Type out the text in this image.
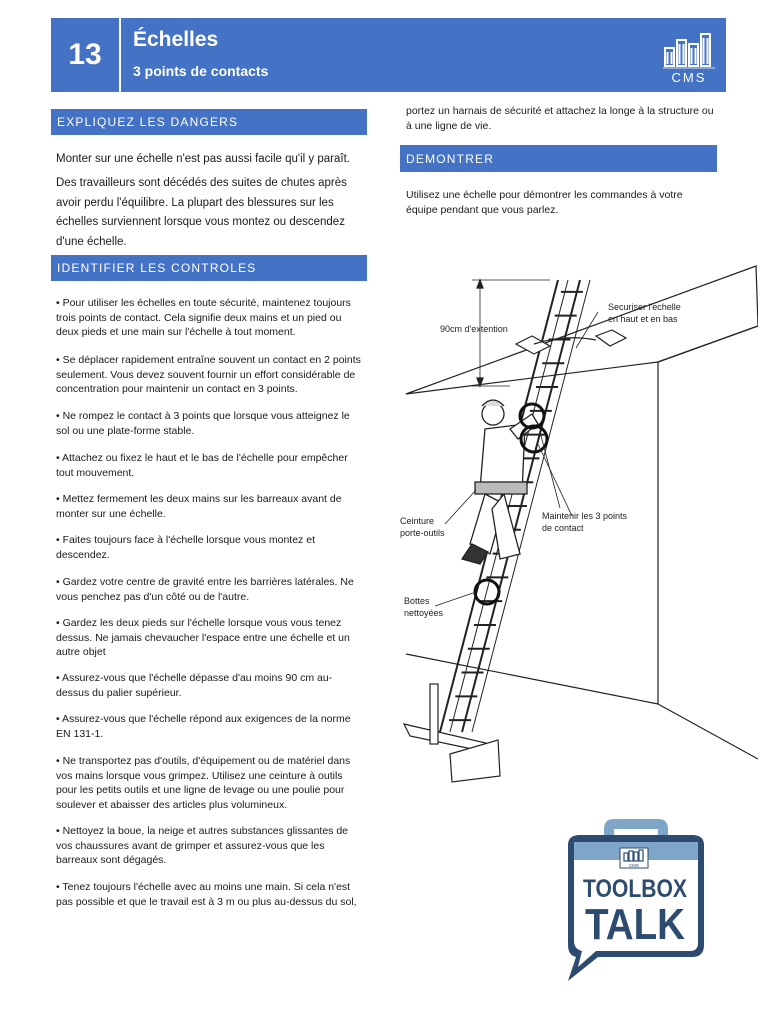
13	Échelles
3 points de contacts	CMS
EXPLIQUEZ LES DANGERS
Monter sur une échelle n'est pas aussi facile qu'il y paraît.
Des travailleurs sont décédés des suites de chutes après avoir perdu l'équilibre. La plupart des blessures sur les échelles surviennent lorsque vous montez ou descendez d'une échelle.
IDENTIFIER LES CONTROLES
• Pour utiliser les échelles en toute sécurité, maintenez toujours trois points de contact. Cela signifie deux mains et un pied ou deux pieds et une main sur l'échelle à tout moment.
• Se déplacer rapidement entraîne souvent un contact en 2 points seulement. Vous devez souvent fournir un effort considérable de concentration pour maintenir un contact en 3 points.
• Ne rompez le contact à 3 points que lorsque vous atteignez le sol ou une plate-forme stable.
• Attachez ou fixez le haut et le bas de l'échelle pour empêcher tout mouvement.
• Mettez fermement les deux mains sur les barreaux avant de monter sur une échelle.
• Faites toujours face à l'échelle lorsque vous montez et descendez.
• Gardez votre centre de gravité entre les barrières latérales. Ne vous penchez pas d'un côté ou de l'autre.
• Gardez les deux pieds sur l'échelle lorsque vous vous tenez dessus. Ne jamais chevaucher l'espace entre une échelle et un autre objet
• Assurez-vous que l'échelle dépasse d'au moins 90 cm au-dessus du palier supérieur.
• Assurez-vous que l'échelle répond aux exigences de la norme EN 131-1.
• Ne transportez pas d'outils, d'équipement ou de matériel dans vos mains lorsque vous grimpez. Utilisez une ceinture à outils pour les petits outils et une ligne de levage ou une poulie pour soulever et abaisser des articles plus volumineux.
• Nettoyez la boue, la neige et autres substances glissantes de vos chaussures avant de grimper et assurez-vous que les barreaux sont dégagés.
• Tenez toujours l'échelle avec au moins une main. Si cela n'est pas possible et que le travail est à 3 m ou plus au-dessus du sol,
portez un harnais de sécurité et attachez la longe à la structure ou à une ligne de vie.
DEMONTRER
Utilisez une échelle pour démontrer les commandes à votre équipe pendant que vous parlez.
90cm d'extention
Securiser l'echelle
en haut et en bas
Maintenir les 3 points
de contact
Ceinture
porte-outils
Bottes
nettoyées
CMS
TOOLBOX
TALK
